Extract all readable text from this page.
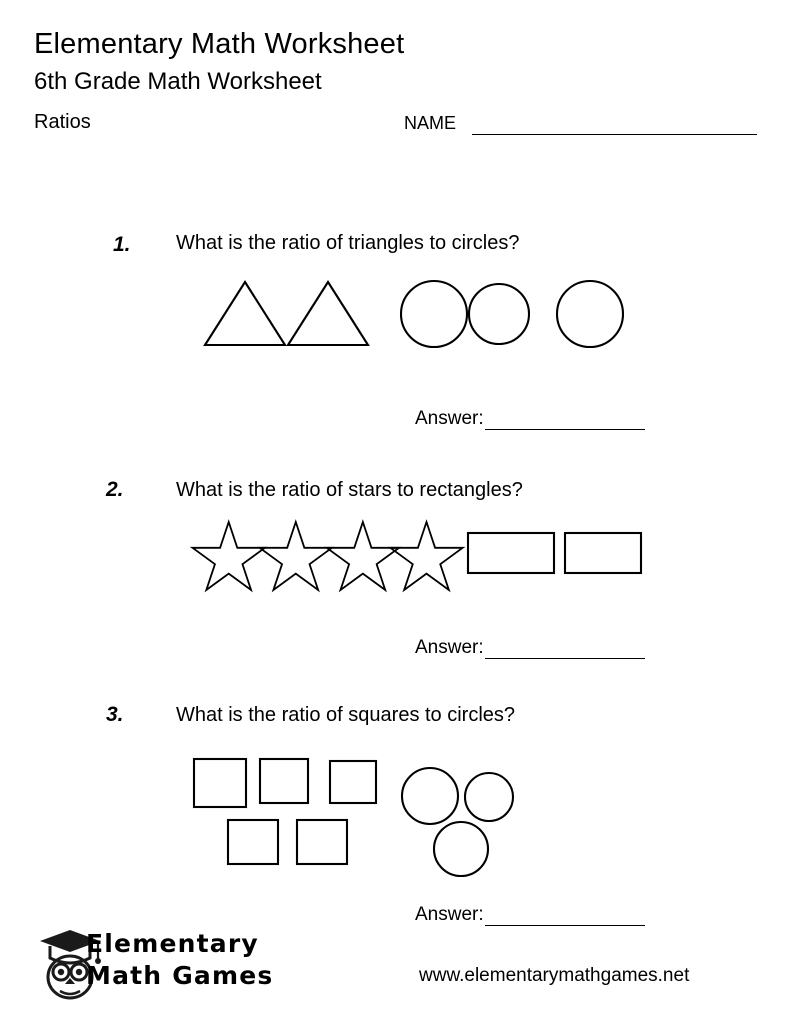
Elementary Math Worksheet
6th Grade Math Worksheet
Ratios	NAME
1. What is the ratio of triangles to circles?
Answer:
2.	What is the ratio of stars to rectangles?
Answer:
3.	What is the ratio of squares to circles?
Answer:
Elementary
Math Games	www.elementarymathgames.net
